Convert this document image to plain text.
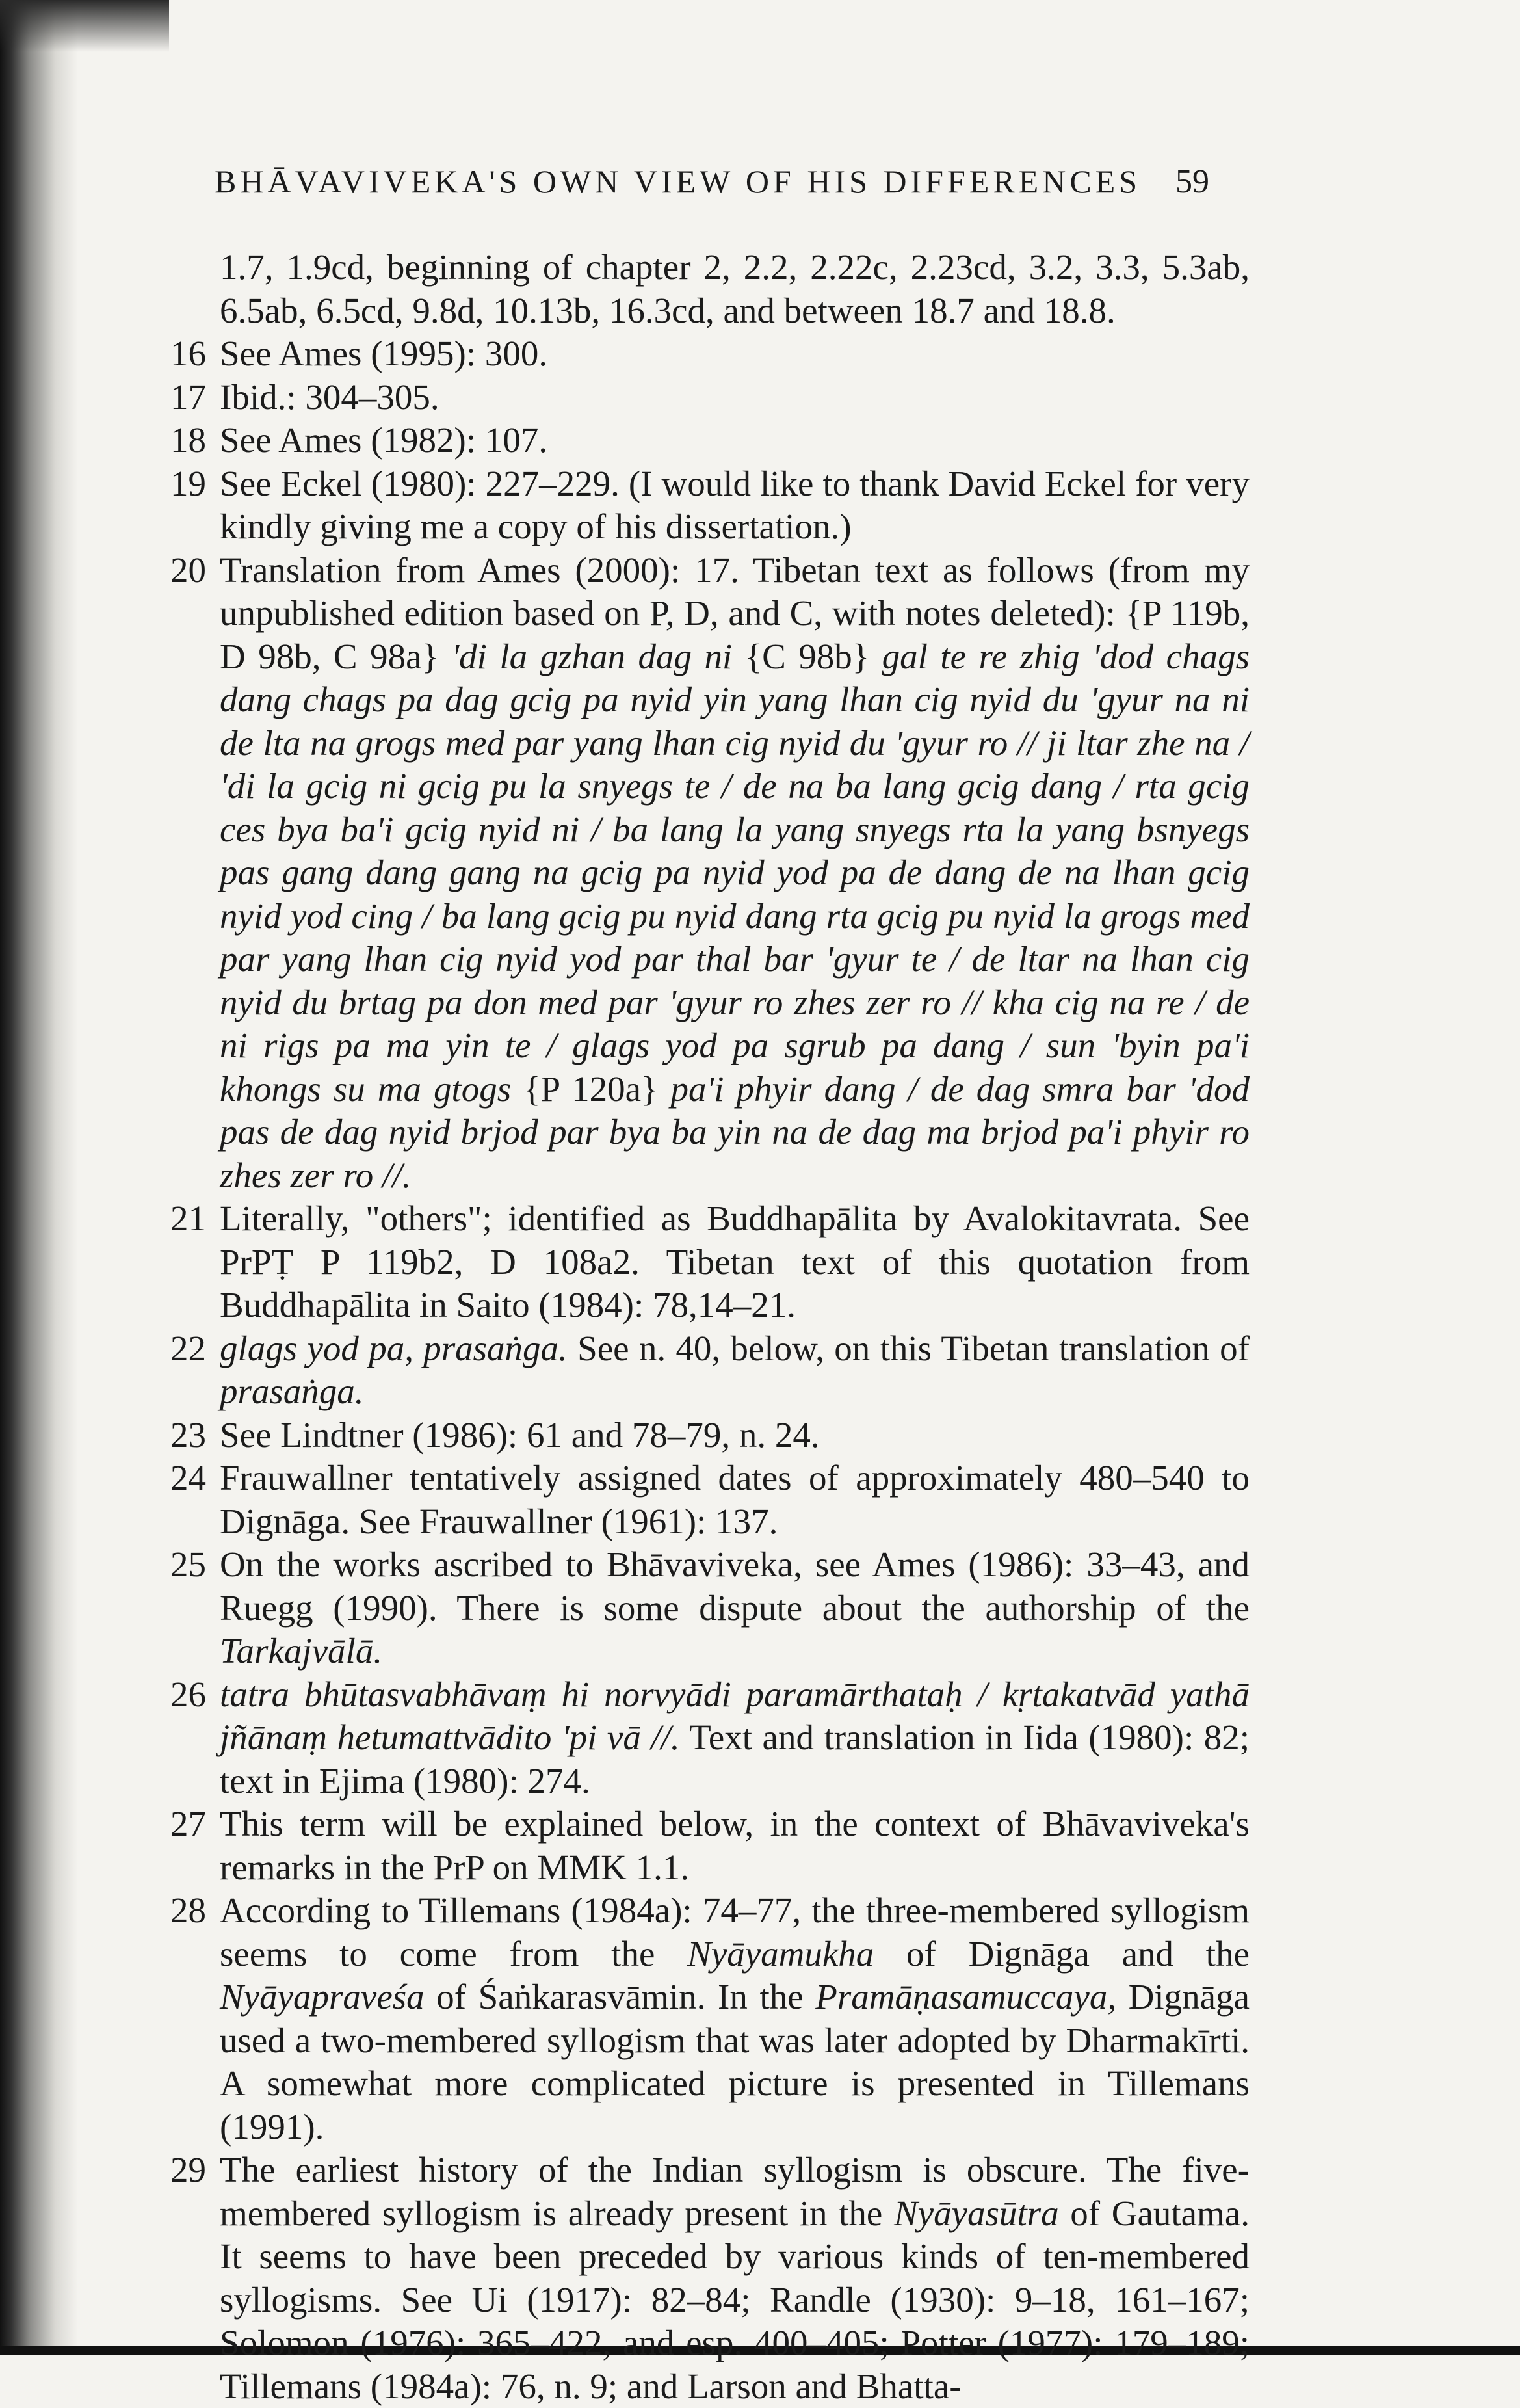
BHĀVAVIVEKA'S OWN VIEW OF HIS DIFFERENCES 59
1.7, 1.9cd, beginning of chapter 2, 2.2, 2.22c, 2.23cd, 3.2, 3.3, 5.3ab, 6.5ab, 6.5cd, 9.8d, 10.13b, 16.3cd, and between 18.7 and 18.8.
16 See Ames (1995): 300.
17 Ibid.: 304–305.
18 See Ames (1982): 107.
19 See Eckel (1980): 227–229. (I would like to thank David Eckel for very kindly giving me a copy of his dissertation.)
20 Translation from Ames (2000): 17. Tibetan text as follows (from my unpublished edition based on P, D, and C, with notes deleted): {P 119b, D 98b, C 98a} 'di la gzhan dag ni {C 98b} gal te re zhig 'dod chags dang chags pa dag gcig pa nyid yin yang lhan cig nyid du 'gyur na ni de lta na grogs med par yang lhan cig nyid du 'gyur ro // ji ltar zhe na / 'di la gcig ni gcig pu la snyegs te / de na ba lang gcig dang / rta gcig ces bya ba'i gcig nyid ni / ba lang la yang snyegs rta la yang bsnyegs pas gang dang gang na gcig pa nyid yod pa de dang de na lhan gcig nyid yod cing / ba lang gcig pu nyid dang rta gcig pu nyid la grogs med par yang lhan cig nyid yod par thal bar 'gyur te / de ltar na lhan cig nyid du brtag pa don med par 'gyur ro zhes zer ro // kha cig na re / de ni rigs pa ma yin te / glags yod pa sgrub pa dang / sun 'byin pa'i khongs su ma gtogs {P 120a} pa'i phyir dang / de dag smra bar 'dod pas de dag nyid brjod par bya ba yin na de dag ma brjod pa'i phyir ro zhes zer ro //.
21 Literally, "others"; identified as Buddhapālita by Avalokitavrata. See PrPṬ P 119b2, D 108a2. Tibetan text of this quotation from Buddhapālita in Saito (1984): 78,14–21.
22 glags yod pa, prasaṅga. See n. 40, below, on this Tibetan translation of prasaṅga.
23 See Lindtner (1986): 61 and 78–79, n. 24.
24 Frauwallner tentatively assigned dates of approximately 480–540 to Dignāga. See Frauwallner (1961): 137.
25 On the works ascribed to Bhāvaviveka, see Ames (1986): 33–43, and Ruegg (1990). There is some dispute about the authorship of the Tarkajvālā.
26 tatra bhūtasvabhāvaṃ hi norvyādi paramārthataḥ / kṛtakatvād yathā jñānaṃ hetumattvādito 'pi vā //. Text and translation in Iida (1980): 82; text in Ejima (1980): 274.
27 This term will be explained below, in the context of Bhāvaviveka's remarks in the PrP on MMK 1.1.
28 According to Tillemans (1984a): 74–77, the three-membered syllogism seems to come from the Nyāyamukha of Dignāga and the Nyāyapraveśa of Śaṅkarasvāmin. In the Pramāṇasamuccaya, Dignāga used a two-membered syllogism that was later adopted by Dharmakīrti. A somewhat more complicated picture is presented in Tillemans (1991).
29 The earliest history of the Indian syllogism is obscure. The five-membered syllogism is already present in the Nyāyasūtra of Gautama. It seems to have been preceded by various kinds of ten-membered syllogisms. See Ui (1917): 82–84; Randle (1930): 9–18, 161–167; Solomon (1976): 365–422, and esp. 400–405; Potter (1977): 179–189; Tillemans (1984a): 76, n. 9; and Larson and Bhatta-
